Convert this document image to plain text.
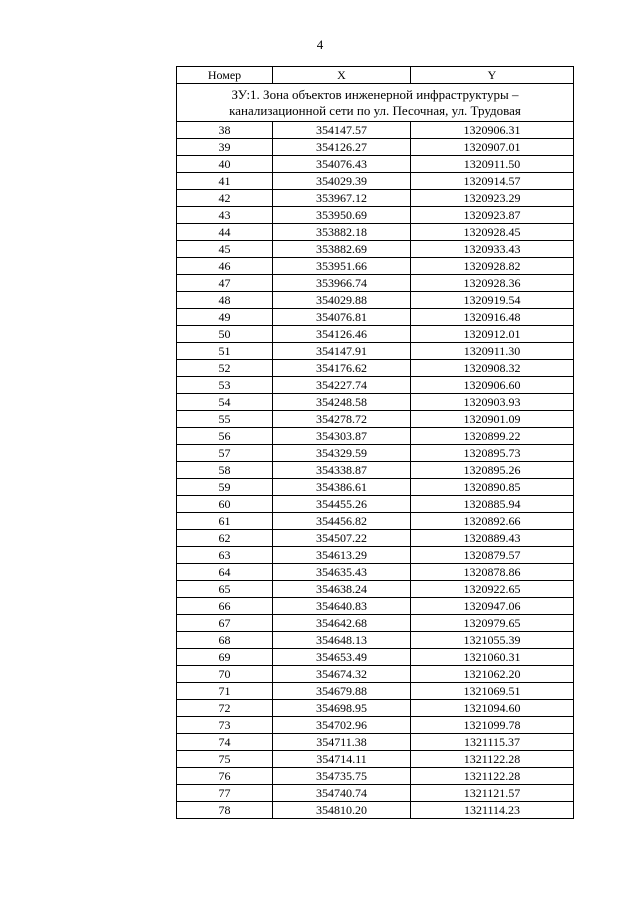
4
Номер	X	Y
ЗУ:1. Зона объектов инженерной инфраструктуры –
канализационной сети по ул. Песочная, ул. Трудовая		
38	354147.57	1320906.31
39	354126.27	1320907.01
40	354076.43	1320911.50
41	354029.39	1320914.57
42	353967.12	1320923.29
43	353950.69	1320923.87
44	353882.18	1320928.45
45	353882.69	1320933.43
46	353951.66	1320928.82
47	353966.74	1320928.36
48	354029.88	1320919.54
49	354076.81	1320916.48
50	354126.46	1320912.01
51	354147.91	1320911.30
52	354176.62	1320908.32
53	354227.74	1320906.60
54	354248.58	1320903.93
55	354278.72	1320901.09
56	354303.87	1320899.22
57	354329.59	1320895.73
58	354338.87	1320895.26
59	354386.61	1320890.85
60	354455.26	1320885.94
61	354456.82	1320892.66
62	354507.22	1320889.43
63	354613.29	1320879.57
64	354635.43	1320878.86
65	354638.24	1320922.65
66	354640.83	1320947.06
67	354642.68	1320979.65
68	354648.13	1321055.39
69	354653.49	1321060.31
70	354674.32	1321062.20
71	354679.88	1321069.51
72	354698.95	1321094.60
73	354702.96	1321099.78
74	354711.38	1321115.37
75	354714.11	1321122.28
76	354735.75	1321122.28
77	354740.74	1321121.57
78	354810.20	1321114.23
